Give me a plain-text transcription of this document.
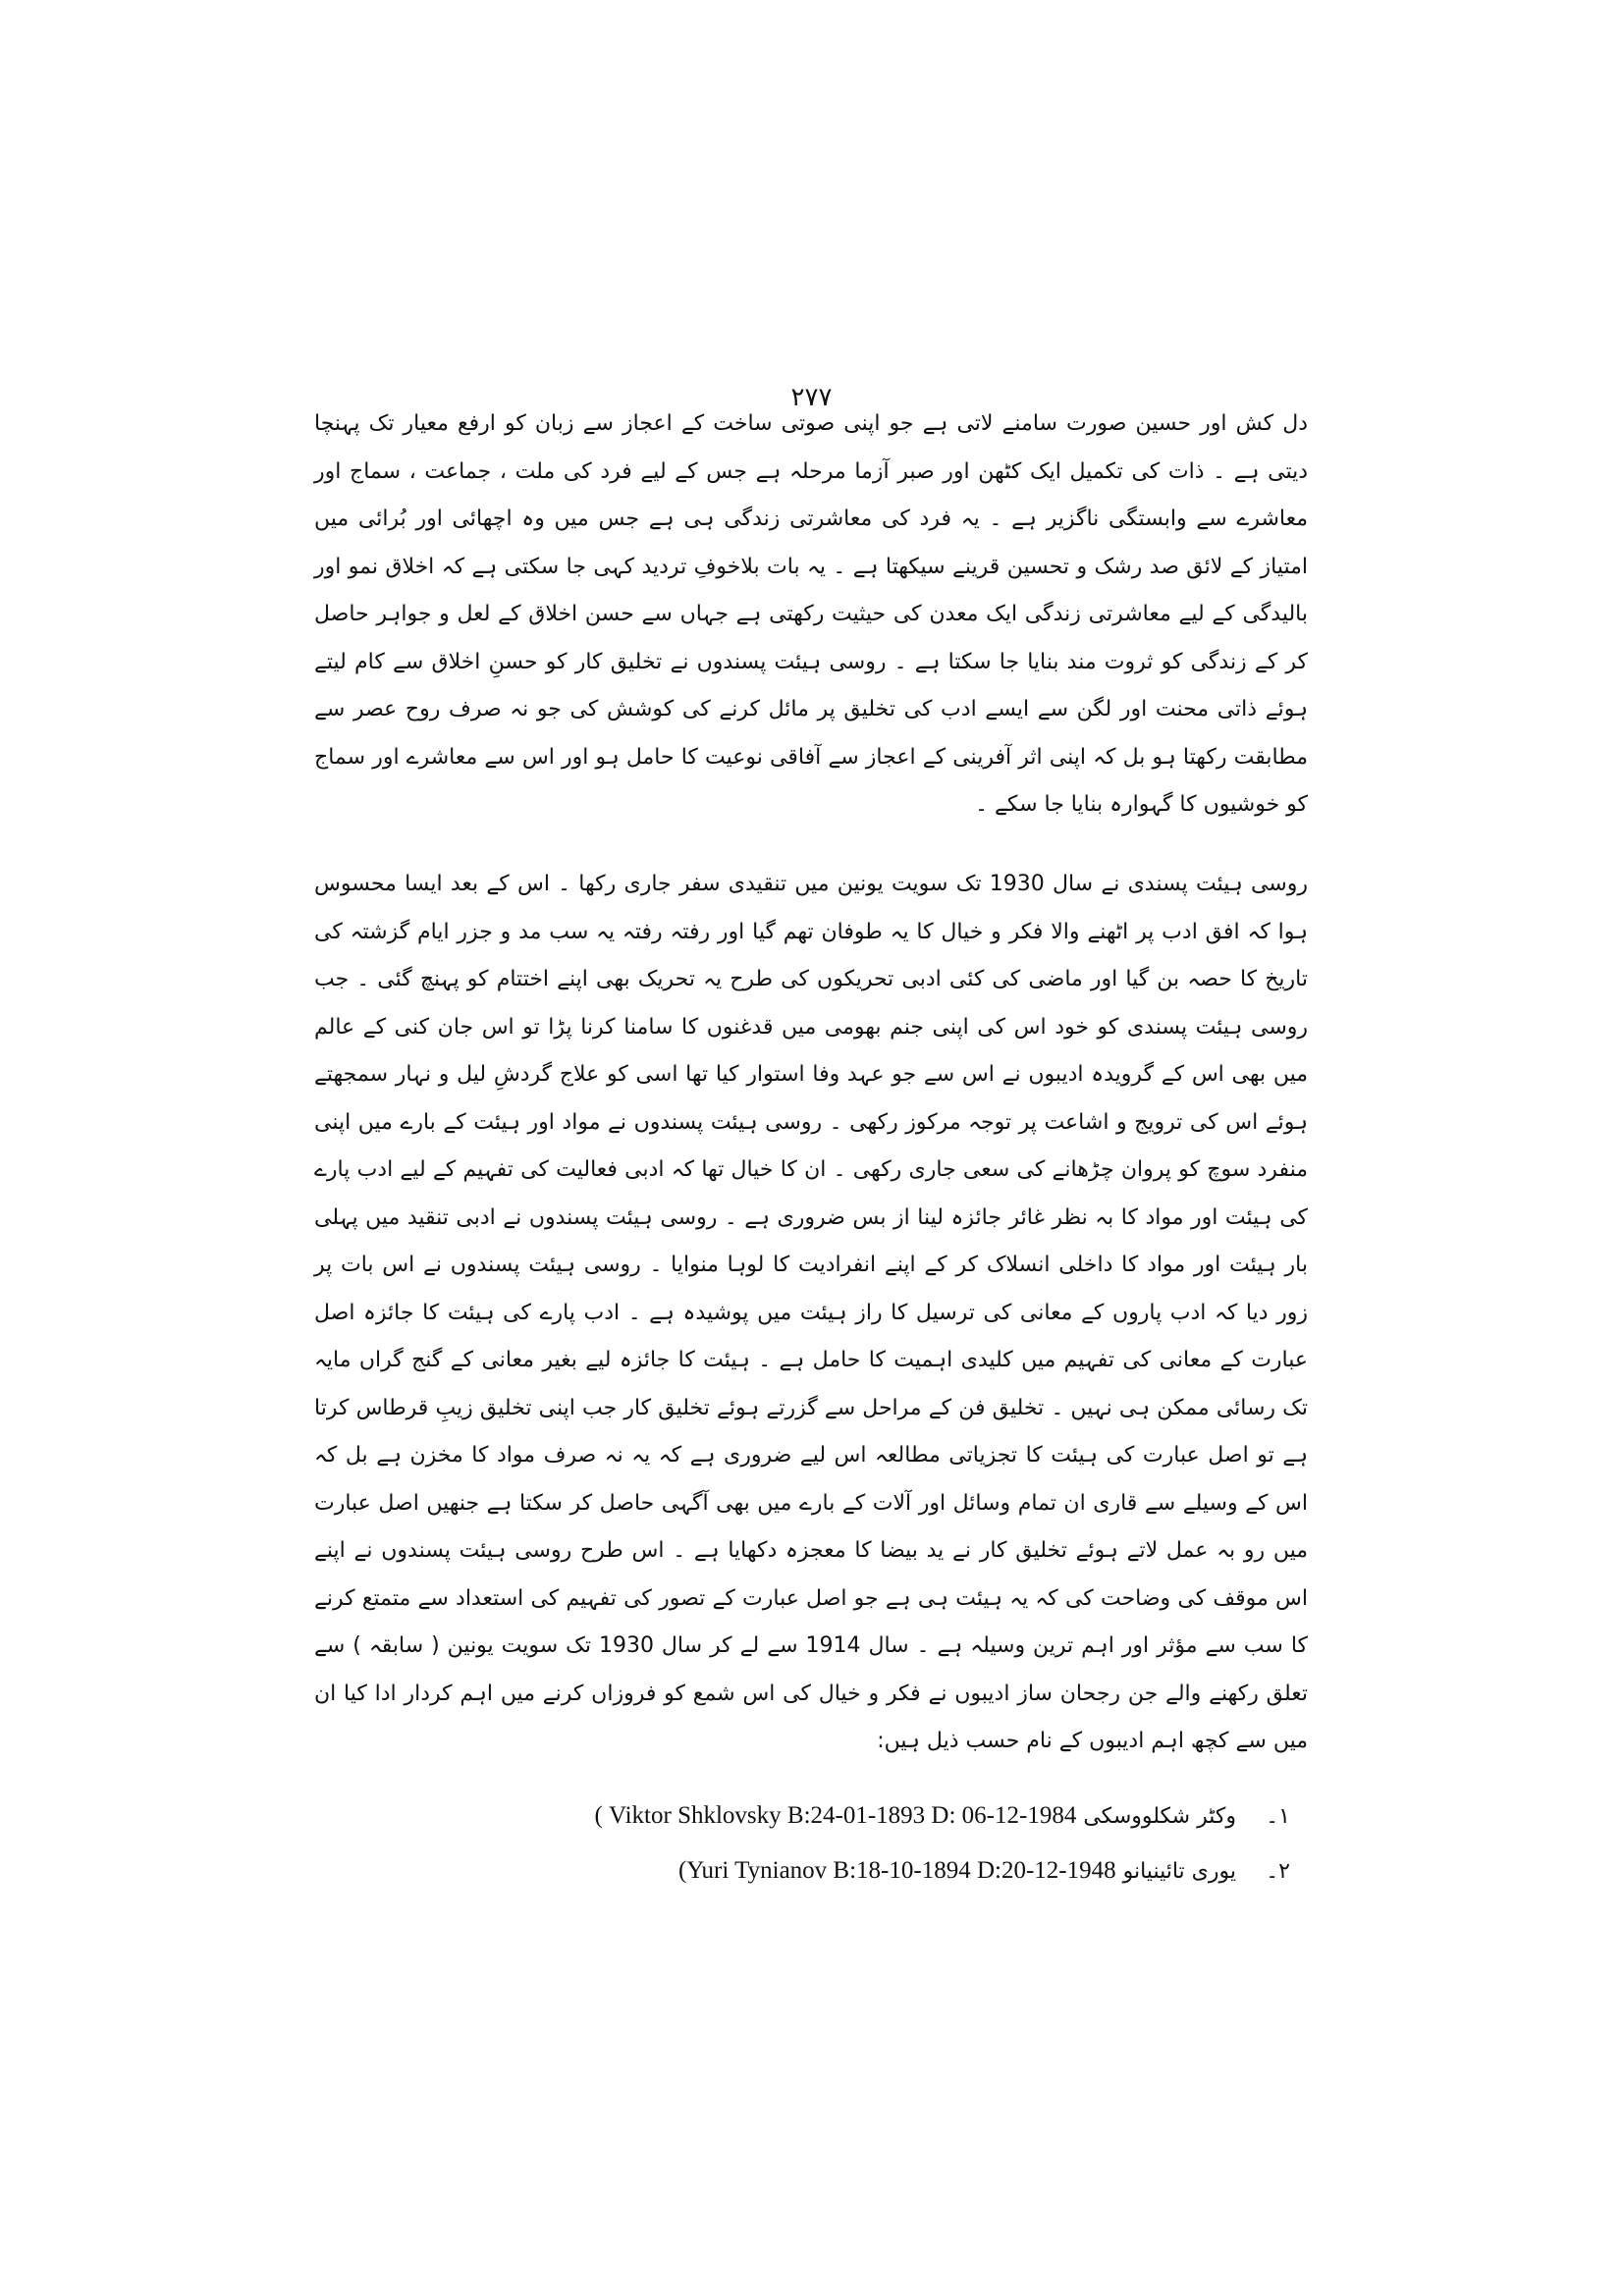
۲۷۷

دل کش اور حسین صورت سامنے لاتی ہے جو اپنی صوتی ساخت کے اعجاز سے زبان کو ارفع معیار تک پہنچا دیتی ہے ۔ ذات کی تکمیل ایک کٹھن اور صبر آزما مرحلہ ہے جس کے لیے فرد کی ملت ، جماعت ، سماج اور معاشرے سے وابستگی ناگزیر ہے ۔ یہ فرد کی معاشرتی زندگی ہی ہے جس میں وہ اچھائی اور بُرائی میں امتیاز کے لائق صد رشک و تحسین قرینے سیکھتا ہے ۔ یہ بات بلاخوفِ تردید کہی جا سکتی ہے کہ اخلاق نمو اور بالیدگی کے لیے معاشرتی زندگی ایک معدن کی حیثیت رکھتی ہے جہاں سے حسن اخلاق کے لعل و جواہر حاصل کر کے زندگی کو ثروت مند بنایا جا سکتا ہے ۔ روسی ہیئت پسندوں نے تخلیق کار کو حسنِ اخلاق سے کام لیتے ہوئے ذاتی محنت اور لگن سے ایسے ادب کی تخلیق پر مائل کرنے کی کوشش کی جو نہ صرف روح عصر سے مطابقت رکھتا ہو بل کہ اپنی اثر آفرینی کے اعجاز سے آفاقی نوعیت کا حامل ہو اور اس سے معاشرے اور سماج کو خوشیوں کا گہوارہ بنایا جا سکے ۔

روسی ہیئت پسندی نے سال 1930 تک سویت یونین میں تنقیدی سفر جاری رکھا ۔ اس کے بعد ایسا محسوس ہوا کہ افق ادب پر اٹھنے والا فکر و خیال کا یہ طوفان تھم گیا اور رفتہ رفتہ یہ سب مد و جزر ایام گزشتہ کی تاریخ کا حصہ بن گیا اور ماضی کی کئی ادبی تحریکوں کی طرح یہ تحریک بھی اپنے اختتام کو پہنچ گئی ۔ جب روسی ہیئت پسندی کو خود اس کی اپنی جنم بھومی میں قدغنوں کا سامنا کرنا پڑا تو اس جان کنی کے عالم میں بھی اس کے گرویدہ ادیبوں نے اس سے جو عہد وفا استوار کیا تھا اسی کو علاج گردشِ لیل و نہار سمجھتے ہوئے اس کی ترویج و اشاعت پر توجہ مرکوز رکھی ۔ روسی ہیئت پسندوں نے مواد اور ہیئت کے بارے میں اپنی منفرد سوچ کو پروان چڑھانے کی سعی جاری رکھی ۔ ان کا خیال تھا کہ ادبی فعالیت کی تفہیم کے لیے ادب پارے کی ہیئت اور مواد کا بہ نظر غائر جائزہ لینا از بس ضروری ہے ۔ روسی ہیئت پسندوں نے ادبی تنقید میں پہلی بار ہیئت اور مواد کا داخلی انسلاک کر کے اپنے انفرادیت کا لوہا منوایا ۔ روسی ہیئت پسندوں نے اس بات پر زور دیا کہ ادب پاروں کے معانی کی ترسیل کا راز ہیئت میں پوشیدہ ہے ۔ ادب پارے کی ہیئت کا جائزہ اصل عبارت کے معانی کی تفہیم میں کلیدی اہمیت کا حامل ہے ۔ ہیئت کا جائزہ لیے بغیر معانی کے گنج گراں مایہ تک رسائی ممکن ہی نہیں ۔ تخلیق فن کے مراحل سے گزرتے ہوئے تخلیق کار جب اپنی تخلیق زیبِ قرطاس کرتا ہے تو اصل عبارت کی ہیئت کا تجزیاتی مطالعہ اس لیے ضروری ہے کہ یہ نہ صرف مواد کا مخزن ہے بل کہ اس کے وسیلے سے قاری ان تمام وسائل اور آلات کے بارے میں بھی آگہی حاصل کر سکتا ہے جنھیں اصل عبارت میں رو بہ عمل لاتے ہوئے تخلیق کار نے ید بیضا کا معجزہ دکھایا ہے ۔ اس طرح روسی ہیئت پسندوں نے اپنے اس موقف کی وضاحت کی کہ یہ ہیئت ہی ہے جو اصل عبارت کے تصور کی تفہیم کی استعداد سے متمتع کرنے کا سب سے مؤثر اور اہم ترین وسیلہ ہے ۔ سال 1914 سے لے کر سال 1930 تک سویت یونین ( سابقہ ) سے تعلق رکھنے والے جن رجحان ساز ادیبوں نے فکر و خیال کی اس شمع کو فروزاں کرنے میں اہم کردار ادا کیا ان میں سے کچھ اہم ادیبوں کے نام حسب ذیل ہیں:

۱۔ وکٹر شکلووسکی ( Viktor Shklovsky B:24-01-1893 D: 06-12-1984
۲۔ یوری تائینیانو (Yuri Tynianov B:18-10-1894 D:20-12-1948
